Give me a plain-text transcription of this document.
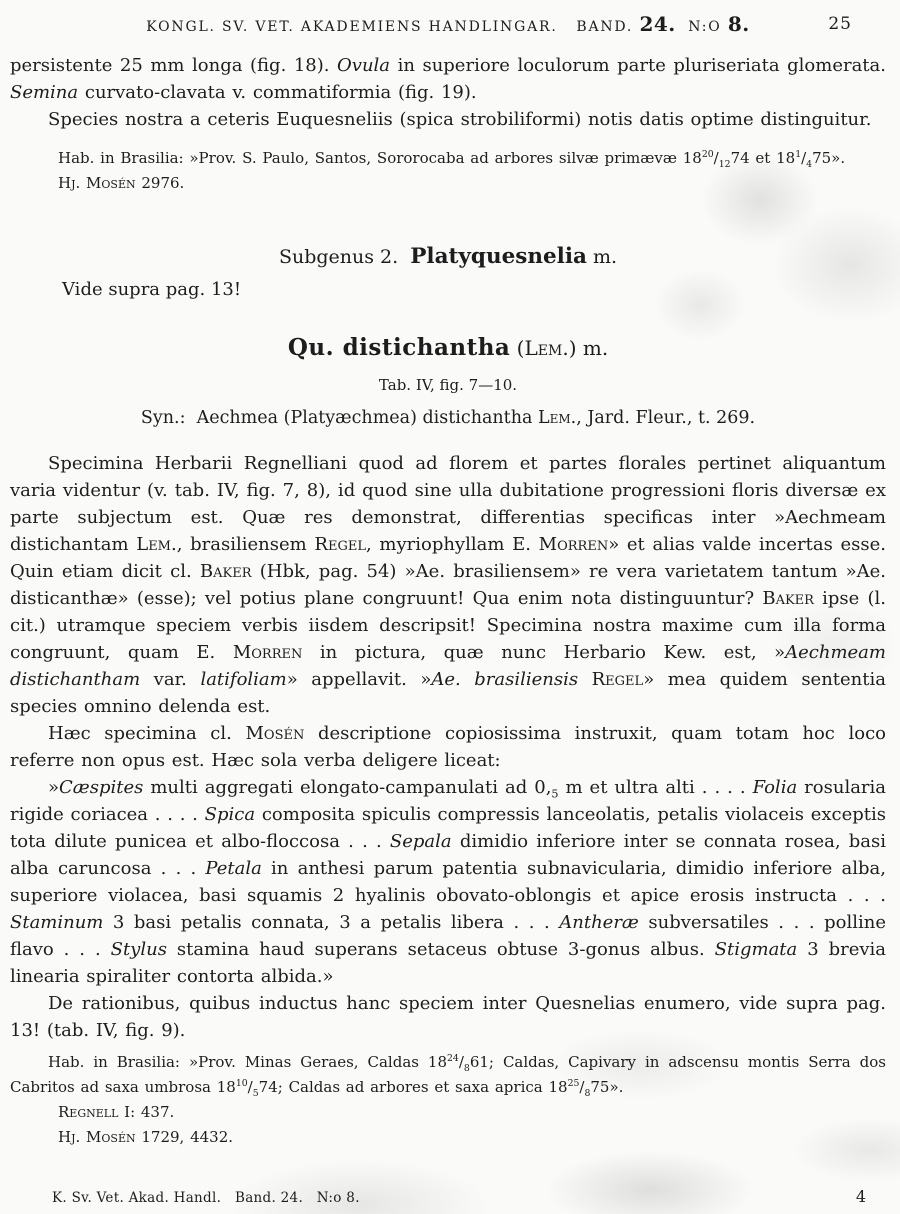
KONGL. SV. VET. AKADEMIENS HANDLINGAR.   BAND. 24.  N:O 8.	25

persistente 25 mm longa (fig. 18). Ovula in superiore loculorum parte pluriseriata glomerata. Semina curvato-clavata v. commatiformia (fig. 19).

Species nostra a ceteris Euquesneliis (spica strobiliformi) notis datis optime distinguitur.

Hab. in Brasilia: »Prov. S. Paulo, Santos, Sororocaba ad arbores silvæ primævæ $18^{20}/_{12}74$ et $18^1/_475$».
Hj. Mosén 2976.

Subgenus 2.  Platyquesnelia m.

Vide supra pag. 13!

Qu. distichantha (Lem.) m.

Tab. IV, fig. 7—10.

Syn.:  Aechmea (Platyæchmea) distichantha Lem., Jard. Fleur., t. 269.

Specimina Herbarii Regnelliani quod ad florem et partes florales pertinet aliquantum varia videntur (v. tab. IV, fig. 7, 8), id quod sine ulla dubitatione progressioni floris diversæ ex parte subjectum est. Quæ res demonstrat, differentias specificas inter »Aechmeam distichantam Lem., brasiliensem Regel, myriophyllam E. Morren» et alias valde incertas esse. Quin etiam dicit cl. Baker (Hbk, pag. 54) »Ae. brasiliensem» re vera varietatem tantum »Ae. disticanthæ» (esse); vel potius plane congruunt! Qua enim nota distinguuntur? Baker ipse (l. cit.) utramque speciem verbis iisdem descripsit! Specimina nostra maxime cum illa forma congruunt, quam E. Morren in pictura, quæ nunc Herbario Kew. est, »Aechmeam distichantham var. latifoliam» appellavit. »Ae. brasiliensis Regel» mea quidem sententia species omnino delenda est.

Hæc specimina cl. Mosén descriptione copiosissima instruxit, quam totam hoc loco referre non opus est. Hæc sola verba deligere liceat:

»Cæspites multi aggregati elongato-campanulati ad $0,_5$ m et ultra alti . . . . Folia rosularia rigide coriacea . . . . Spica composita spiculis compressis lanceolatis, petalis violaceis exceptis tota dilute punicea et albo-floccosa . . . Sepala dimidio inferiore inter se connata rosea, basi alba caruncosa . . . Petala in anthesi parum patentia subnavicularia, dimidio inferiore alba, superiore violacea, basi squamis 2 hyalinis obovato-oblongis et apice erosis instructa . . . Staminum 3 basi petalis connata, 3 a petalis libera . . . Antheræ subversatiles . . . polline flavo . . . Stylus stamina haud superans setaceus obtuse 3-gonus albus. Stigmata 3 brevia linearia spiraliter contorta albida.»

De rationibus, quibus inductus hanc speciem inter Quesnelias enumero, vide supra pag. 13! (tab. IV, fig. 9).

Hab. in Brasilia: »Prov. Minas Geraes, Caldas $18^{24}/_861$; Caldas, Capivary in adscensu montis Serra dos Cabritos ad saxa umbrosa $18^{10}/_574$; Caldas ad arbores et saxa aprica $18^{25}/_875$».

Regnell I: 437.

Hj. Mosén 1729, 4432.

K. Sv. Vet. Akad. Handl.   Band. 24.   N:o 8.	4
